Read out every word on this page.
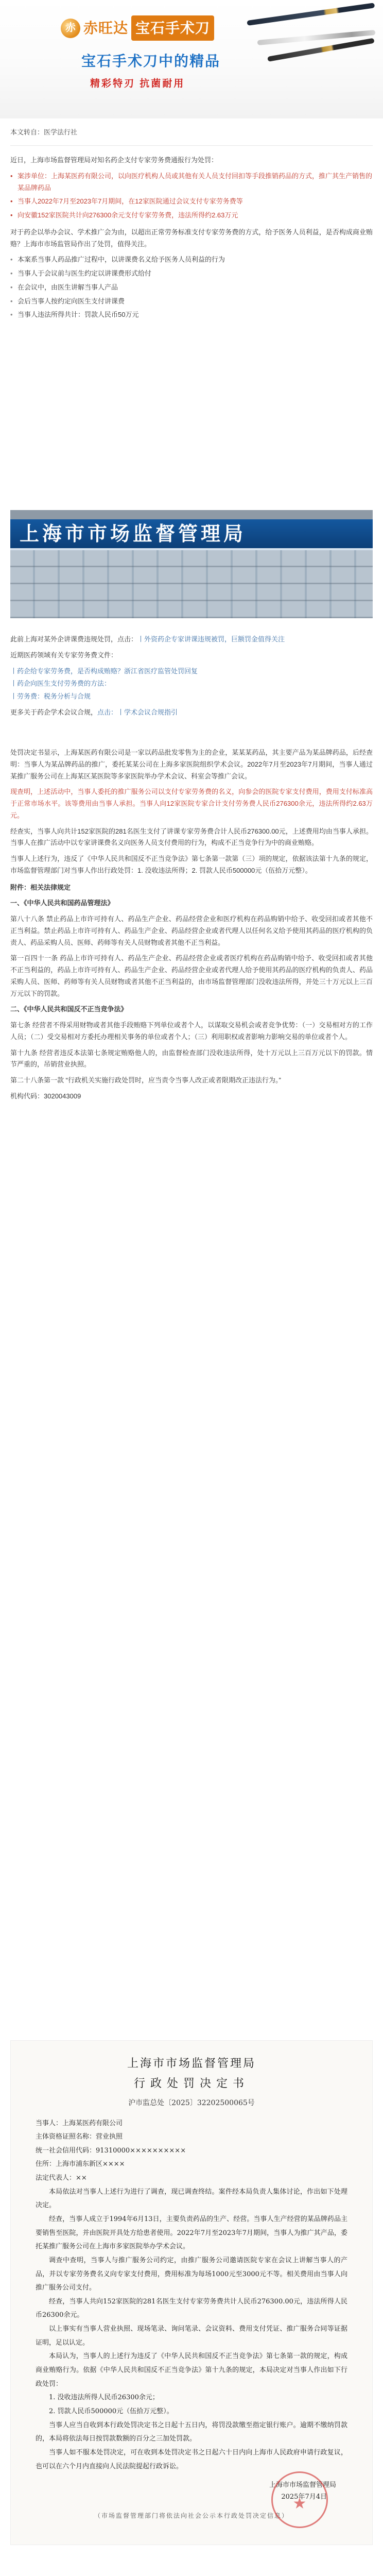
赤 赤旺达 宝石手术刀
宝石手术刀中的精品
精彩特刃 抗菌耐用
本文转自：医学法行社

近日，上海市场监督管理局对知名药企支付专家劳务费通报行为处罚：

• 案涉单位：上海某医药有限公司，以向医疗机构人员或其他有关人员支付回扣等手段推销药品的方式，推广其生产销售的某品牌药品
• 当事人2022年7月至2023年7月期间，在12家医院通过会议支付专家劳务费等
• 向安徽152家医院共计向276300余元支付专家劳务费，违法所得约2.63万元

对于药企以举办会议、学术推广会为由，以超出正常劳务标准支付专家劳务费的方式，给予医务人员利益，是否构成商业贿赂？上海市市场监管局作出了处罚，值得关注。

• 本案系当事人药品推广过程中，以讲课费名义给予医务人员利益的行为
• 当事人于会议前与医生约定以讲课费形式给付
• 在会议中，由医生讲解当事人产品
• 会后当事人按约定向医生支付讲课费
• 当事人违法所得共计：罚款人民币50万元
上海市市场监督管理局

此前上海对某外企讲课费违规处罚，点击：丨外资药企专家讲课违规被罚，巨额罚金值得关注

近期医药领域有关专家劳务费文件：

丨药企给专家劳务费，是否构成贿赂？浙江省医疗监管处罚回复

丨药企向医生支付劳务费的方法：

丨劳务费：税务分析与合规

更多关于药企学术会议合规，点击：丨学术会议合规指引

处罚决定书显示，上海某医药有限公司是一家以药品批发零售为主的企业，某某某药品，其主要产品为某品牌药品，后经查明：当事人为某品牌药品的推广，委托某某公司在上海多家医院组织学术会议。2022年7月至2023年7月期间，当事人通过某推广服务公司在上海某区某医院等多家医院举办学术会议、科室会等推广会议。

现查明，上述活动中，当事人委托的推广服务公司以支付专家劳务费的名义，向参会的医院专家支付费用，费用支付标准高于正常市场水平。该等费用由当事人承担。当事人向12家医院专家合计支付劳务费人民币276300余元，违法所得约2.63万元。

经查实，当事人向共计152家医院的281名医生支付了讲课专家劳务费合计人民币276300.00元，上述费用均由当事人承担。当事人在推广活动中以专家讲课费名义向医务人员支付费用的行为，构成不正当竞争行为中的商业贿赂。

当事人上述行为，违反了《中华人民共和国反不正当竞争法》第七条第一款第（三）项的规定，依据该法第十九条的规定，市场监督管理部门对当事人作出行政处罚：1. 没收违法所得；2. 罚款人民币500000元（伍拾万元整）。

附件：相关法律规定

一、《中华人民共和国药品管理法》

第八十八条 禁止药品上市许可持有人、药品生产企业、药品经营企业和医疗机构在药品购销中给予、收受回扣或者其他不正当利益。禁止药品上市许可持有人、药品生产企业、药品经营企业或者代理人以任何名义给予使用其药品的医疗机构的负责人、药品采购人员、医师、药师等有关人员财物或者其他不正当利益。

第一百四十一条 药品上市许可持有人、药品生产企业、药品经营企业或者医疗机构在药品购销中给予、收受回扣或者其他不正当利益的，药品上市许可持有人、药品生产企业、药品经营企业或者代理人给予使用其药品的医疗机构的负责人、药品采购人员、医师、药师等有关人员财物或者其他不正当利益的，由市场监督管理部门没收违法所得，并处三十万元以上三百万元以下的罚款。

二、《中华人民共和国反不正当竞争法》

第七条 经营者不得采用财物或者其他手段贿赂下列单位或者个人，以谋取交易机会或者竞争优势：（一）交易相对方的工作人员；（二）受交易相对方委托办理相关事务的单位或者个人；（三）利用职权或者影响力影响交易的单位或者个人。

第十九条 经营者违反本法第七条规定贿赂他人的，由监督检查部门没收违法所得，处十万元以上三百万元以下的罚款。情节严重的，吊销营业执照。

第二十八条第一款 “行政机关实施行政处罚时，应当责令当事人改正或者限期改正违法行为。”

机构代码：3020043009

上海市市场监督管理局
行政处罚决定书
沪市监总处〔2025〕32202500065号

当事人：上海某医药有限公司

主体资格证照名称：营业执照

统一社会信用代码：91310000××××××××××

住所：上海市浦东新区××××

法定代表人：××

本局依法对当事人上述行为进行了调查，现已调查终结。案件经本局负责人集体讨论，作出如下处理决定。

经查，当事人成立于1994年6月13日，主要负责药品的生产、经营。当事人生产经营的某品牌药品主要销售至医院，并由医院开具处方给患者使用。2022年7月至2023年7月期间，当事人为推广其产品，委托某推广服务公司在上海市多家医院举办学术会议。

调查中查明，当事人与推广服务公司约定，由推广服务公司邀请医院专家在会议上讲解当事人的产品，并以专家劳务费名义向专家支付费用，费用标准为每场1000元至3000元不等。相关费用由当事人向推广服务公司支付。

经查，当事人共向152家医院的281名医生支付专家劳务费共计人民币276300.00元，违法所得人民币26300余元。

以上事实有当事人营业执照、现场笔录、询问笔录、会议资料、费用支付凭证、推广服务合同等证据证明，足以认定。

本局认为，当事人的上述行为违反了《中华人民共和国反不正当竞争法》第七条第一款的规定，构成商业贿赂行为。依据《中华人民共和国反不正当竞争法》第十九条的规定，本局决定对当事人作出如下行政处罚：

1. 没收违法所得人民币26300余元；

2. 罚款人民币500000元（伍拾万元整）。

当事人应当自收到本行政处罚决定书之日起十五日内，将罚没款缴至指定银行账户。逾期不缴纳罚款的，本局将依法每日按罚款数额的百分之三加处罚款。

当事人如不服本处罚决定，可在收到本处罚决定书之日起六十日内向上海市人民政府申请行政复议，也可以在六个月内直接向人民法院提起行政诉讼。

上海市市场监督管理局
2025年7月4日
（市场监督管理部门将依法向社会公示本行政处罚决定信息）
★
